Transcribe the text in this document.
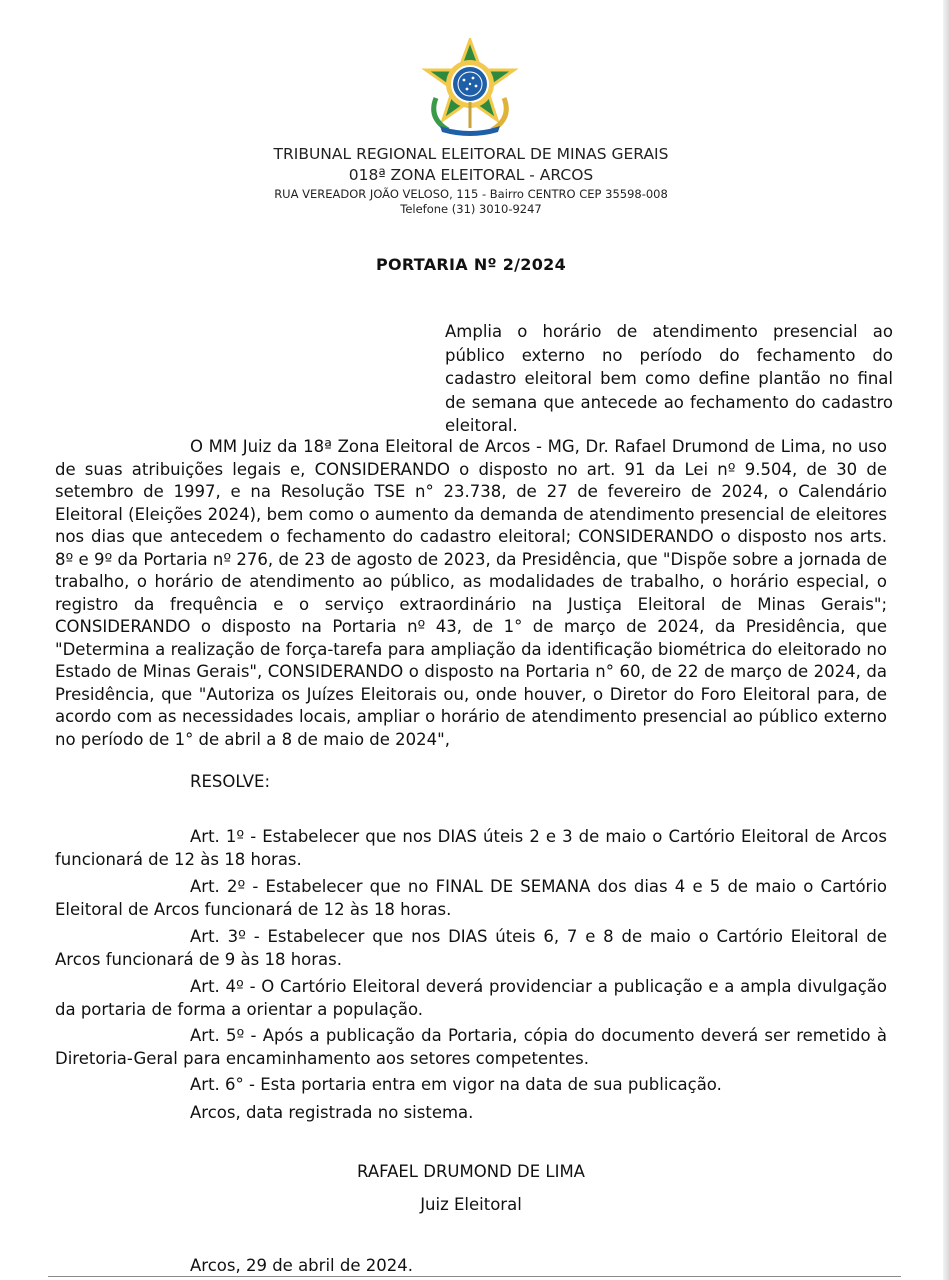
TRIBUNAL REGIONAL ELEITORAL DE MINAS GERAIS
018ª ZONA ELEITORAL - ARCOS
RUA VEREADOR JOÃO VELOSO, 115 - Bairro CENTRO CEP 35598-008
Telefone (31) 3010-9247
PORTARIA Nº 2/2024
Amplia o horário de atendimento presencial ao público externo no período do fechamento do cadastro eleitoral bem como define plantão no final de semana que antecede ao fechamento do cadastro eleitoral.
O MM Juiz da 18ª Zona Eleitoral de Arcos - MG, Dr. Rafael Drumond de Lima, no uso de suas atribuições legais e, CONSIDERANDO o disposto no art. 91 da Lei nº 9.504, de 30 de setembro de 1997, e na Resolução TSE n° 23.738, de 27 de fevereiro de 2024, o Calendário Eleitoral (Eleições 2024), bem como o aumento da demanda de atendimento presencial de eleitores nos dias que antecedem o fechamento do cadastro eleitoral; CONSIDERANDO o disposto nos arts. 8º e 9º da Portaria nº 276, de 23 de agosto de 2023, da Presidência, que "Dispõe sobre a jornada de trabalho, o horário de atendimento ao público, as modalidades de trabalho, o horário especial, o registro da frequência e o serviço extraordinário na Justiça Eleitoral de Minas Gerais"; CONSIDERANDO o disposto na Portaria nº 43, de 1° de março de 2024, da Presidência, que "Determina a realização de força-tarefa para ampliação da identificação biométrica do eleitorado no Estado de Minas Gerais", CONSIDERANDO o disposto na Portaria n° 60, de 22 de março de 2024, da Presidência, que "Autoriza os Juízes Eleitorais ou, onde houver, o Diretor do Foro Eleitoral para, de acordo com as necessidades locais, ampliar o horário de atendimento presencial ao público externo no período de 1° de abril a 8 de maio de 2024",
RESOLVE:
Art. 1º - Estabelecer que nos DIAS úteis 2 e 3 de maio o Cartório Eleitoral de Arcos funcionará de 12 às 18 horas.
Art. 2º - Estabelecer que no FINAL DE SEMANA dos dias 4 e 5 de maio o Cartório Eleitoral de Arcos funcionará de 12 às 18 horas.
Art. 3º - Estabelecer que nos DIAS úteis 6, 7 e 8 de maio o Cartório Eleitoral de Arcos funcionará de 9 às 18 horas.
Art. 4º - O Cartório Eleitoral deverá providenciar a publicação e a ampla divulgação da portaria de forma a orientar a população.
Art. 5º - Após a publicação da Portaria, cópia do documento deverá ser remetido à Diretoria-Geral para encaminhamento aos setores competentes.
Art. 6° - Esta portaria entra em vigor na data de sua publicação.
Arcos, data registrada no sistema.
RAFAEL DRUMOND DE LIMA
Juiz Eleitoral
Arcos, 29 de abril de 2024.
